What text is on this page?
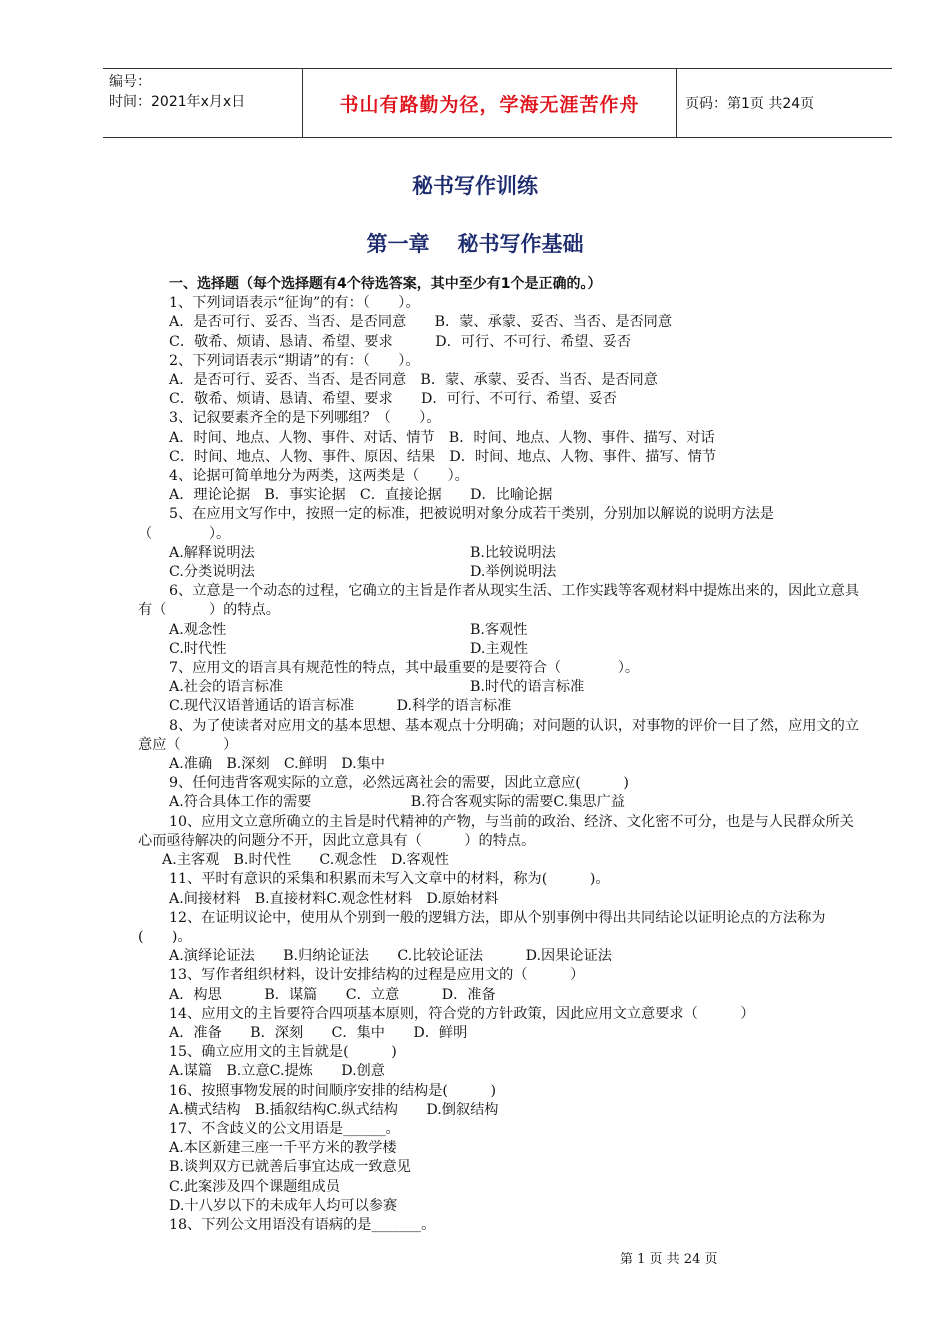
编号：
时间：2021年x月x日	书山有路勤为径，学海无涯苦作舟	页码：第1页 共24页
秘书写作训练
第一章 秘书写作基础
一、选择题（每个选择题有4个待选答案，其中至少有1个是正确的。）
1、下列词语表示“征询”的有：（　　）。
A．是否可行、妥否、当否、是否同意　　B．蒙、承蒙、妥否、当否、是否同意
C．敬希、烦请、恳请、希望、要求　　　D．可行、不可行、希望、妥否
2、下列词语表示“期请”的有：（　　）。
A．是否可行、妥否、当否、是否同意　B．蒙、承蒙、妥否、当否、是否同意
C．敬希、烦请、恳请、希望、要求　　D．可行、不可行、希望、妥否
3、记叙要素齐全的是下列哪组？（　　）。
A．时间、地点、人物、事件、对话、情节　B．时间、地点、人物、事件、描写、对话
C．时间、地点、人物、事件、原因、结果　D．时间、地点、人物、事件、描写、情节
4、论据可简单地分为两类，这两类是（　　）。
A．理论论据　B．事实论据　C．直接论据　　D．比喻论据
5、在应用文写作中，按照一定的标准，把被说明对象分成若干类别，分别加以解说的说明方法是（　　　　）。
A.解释说明法	B.比较说明法
C.分类说明法	D.举例说明法
6、立意是一个动态的过程，它确立的主旨是作者从现实生活、工作实践等客观材料中提炼出来的，因此立意具有（　　　）的特点。
A.观念性	B.客观性
C.时代性	D.主观性
7、应用文的语言具有规范性的特点，其中最重要的是要符合（　　　　）。
A.社会的语言标准	B.时代的语言标准
C.现代汉语普通话的语言标准　　　D.科学的语言标准
8、为了使读者对应用文的基本思想、基本观点十分明确；对问题的认识，对事物的评价一目了然，应用文的立意应（　　　）
A.准确　B.深刻　C.鲜明　D.集中
9、任何违背客观实际的立意，必然远离社会的需要，因此立意应(　　　)
A.符合具体工作的需要　　　　　　　B.符合客观实际的需要C.集思广益
10、应用文立意所确立的主旨是时代精神的产物，与当前的政治、经济、文化密不可分，也是与人民群众所关心而亟待解决的问题分不开，因此立意具有（　　　）的特点。
A.主客观　B.时代性　　C.观念性　D.客观性
11、平时有意识的采集和积累而未写入文章中的材料，称为(　　　)。
A.间接材料　B.直接材料C.观念性材料　D.原始材料
12、在证明议论中，使用从个别到一般的逻辑方法，即从个别事例中得出共同结论以证明论点的方法称为(　　)。
A.演绎论证法　　B.归纳论证法　　C.比较论证法　　　D.因果论证法
13、写作者组织材料，设计安排结构的过程是应用文的（　　　）
A．构思　　　B．谋篇　　C．立意　　　D．准备
14、应用文的主旨要符合四项基本原则，符合党的方针政策，因此应用文立意要求（　　　）
A．准备　　B．深刻　　C．集中　　D．鲜明
15、确立应用文的主旨就是(　　　)
A.谋篇　B.立意C.提炼　　D.创意
16、按照事物发展的时间顺序安排的结构是(　　　)
A.横式结构　B.插叙结构C.纵式结构　　D.倒叙结构
17、不含歧义的公文用语是______。
A.本区新建三座一千平方米的教学楼
B.谈判双方已就善后事宜达成一致意见
C.此案涉及四个课题组成员
D.十八岁以下的未成年人均可以参赛
18、下列公文用语没有语病的是_______。
第 1 页 共 24 页
